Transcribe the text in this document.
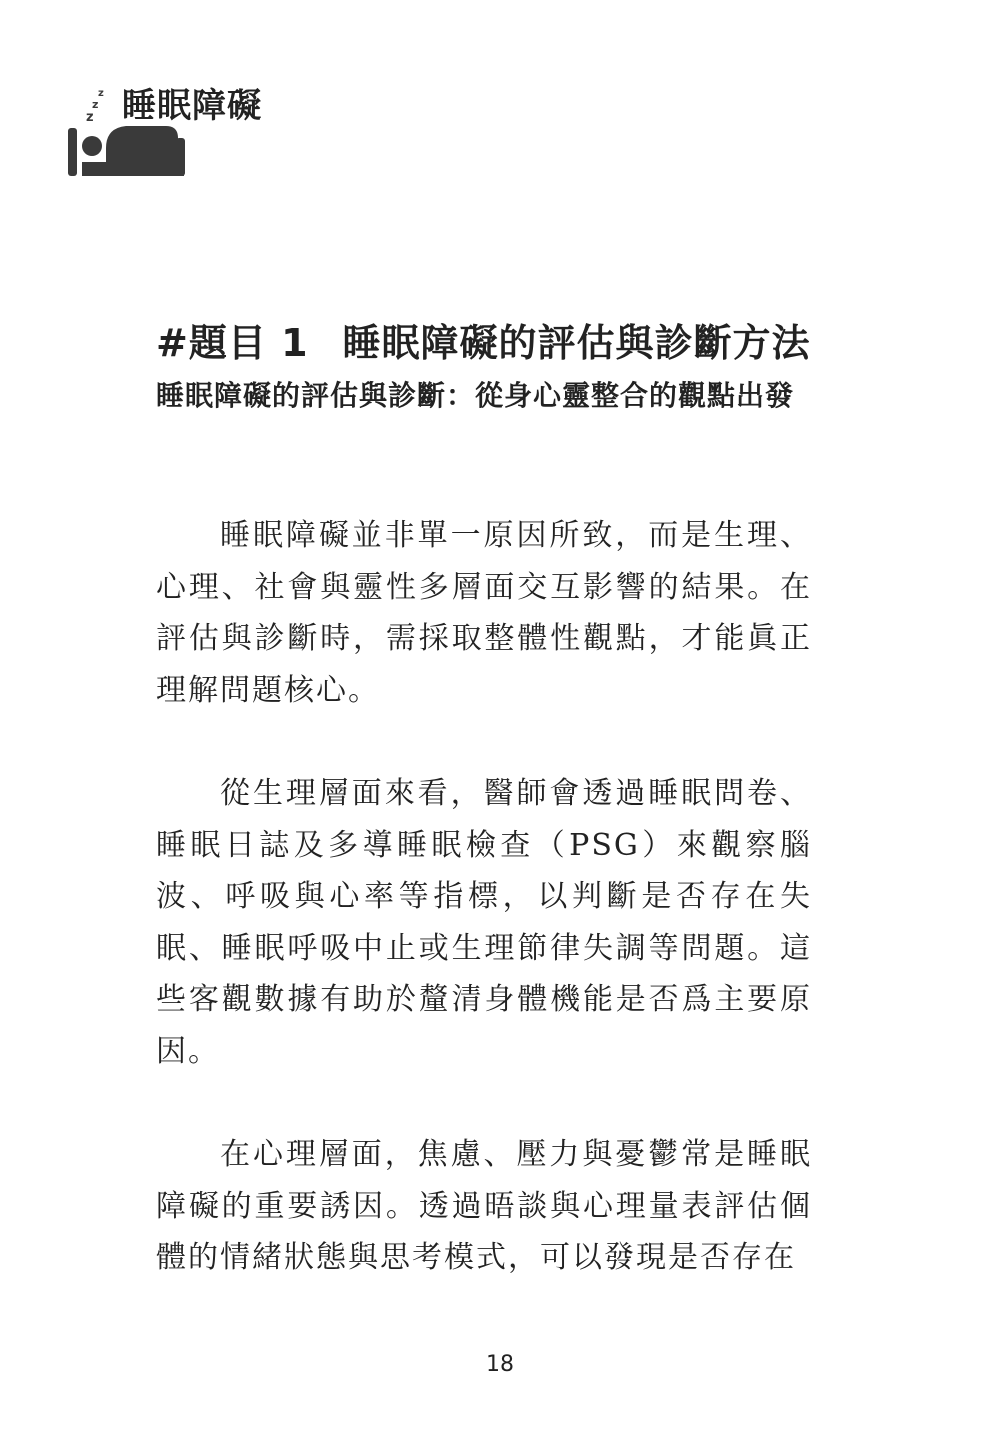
z
z
z 睡眠障礙
#題目 1 睡眠障礙的評估與診斷方法
睡眠障礙的評估與診斷：從身心靈整合的觀點出發

睡眠障礙並非單一原因所致，而是生理、心理、社會與靈性多層面交互影響的結果。在評估與診斷時，需採取整體性觀點，才能眞正理解問題核心。

從生理層面來看，醫師會透過睡眠問卷、睡眠日誌及多導睡眠檢查（PSG）來觀察腦波、呼吸與心率等指標，以判斷是否存在失眠、睡眠呼吸中止或生理節律失調等問題。這些客觀數據有助於釐清身體機能是否爲主要原因。

在心理層面，焦慮、壓力與憂鬱常是睡眠障礙的重要誘因。透過晤談與心理量表評估個體的情緒狀態與思考模式，可以發現是否存在

18
